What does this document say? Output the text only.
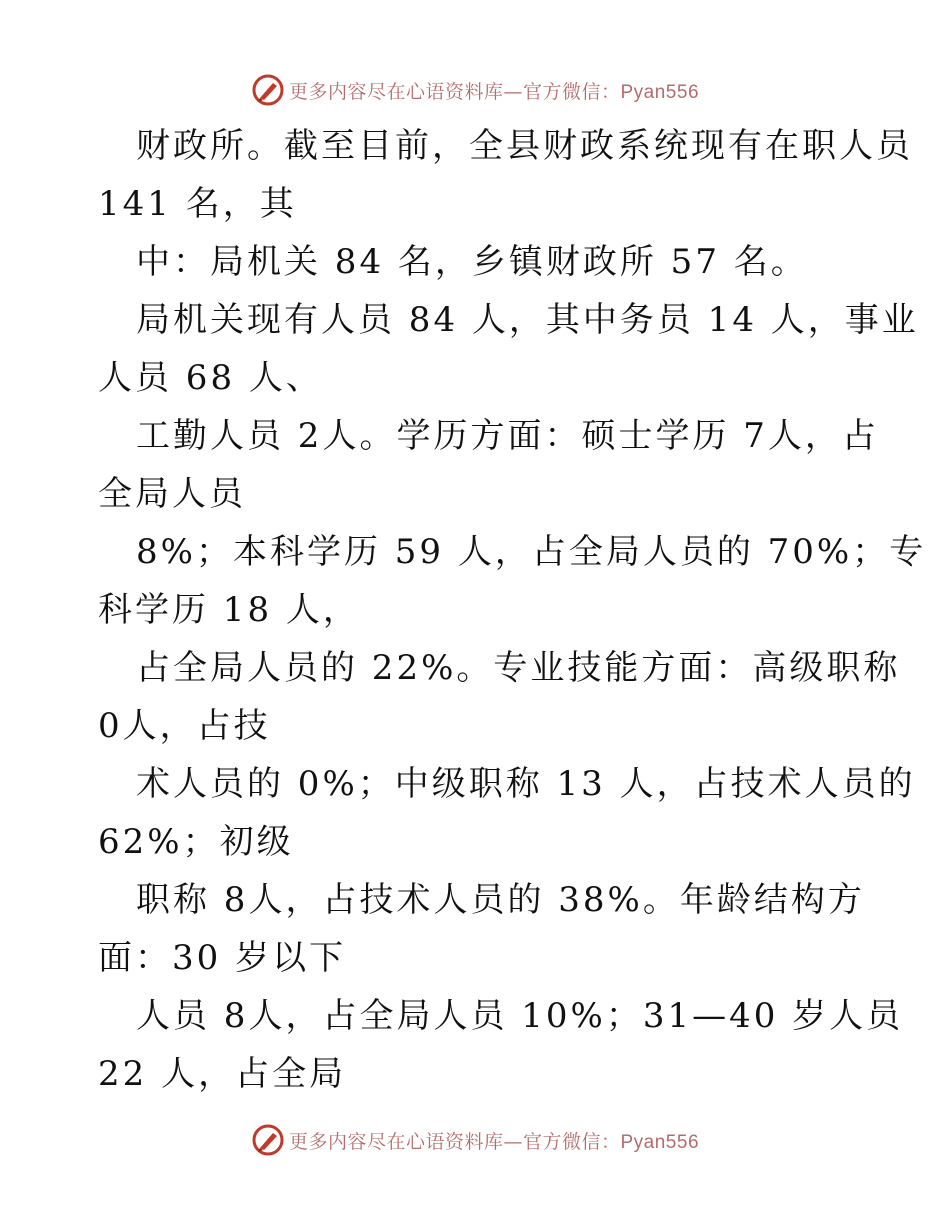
更多内容尽在心语资料库—官方微信：Pyan556
财政所。截至目前，全县财政系统现有在职人员
141 名，其
中：局机关 84 名，乡镇财政所 57 名。
局机关现有人员 84 人，其中务员 14 人，事业
人员 68 人、
工勤人员 2人。学历方面：硕士学历 7人，占
全局人员
8%；本科学历 59 人，占全局人员的 70%；专
科学历 18 人，
占全局人员的 22%。专业技能方面：高级职称
0人，占技
术人员的 0%；中级职称 13 人，占技术人员的
62%；初级
职称 8人，占技术人员的 38%。年龄结构方
面：30 岁以下
人员 8人，占全局人员 10%；31—40 岁人员
22 人，占全局
更多内容尽在心语资料库—官方微信：Pyan556
